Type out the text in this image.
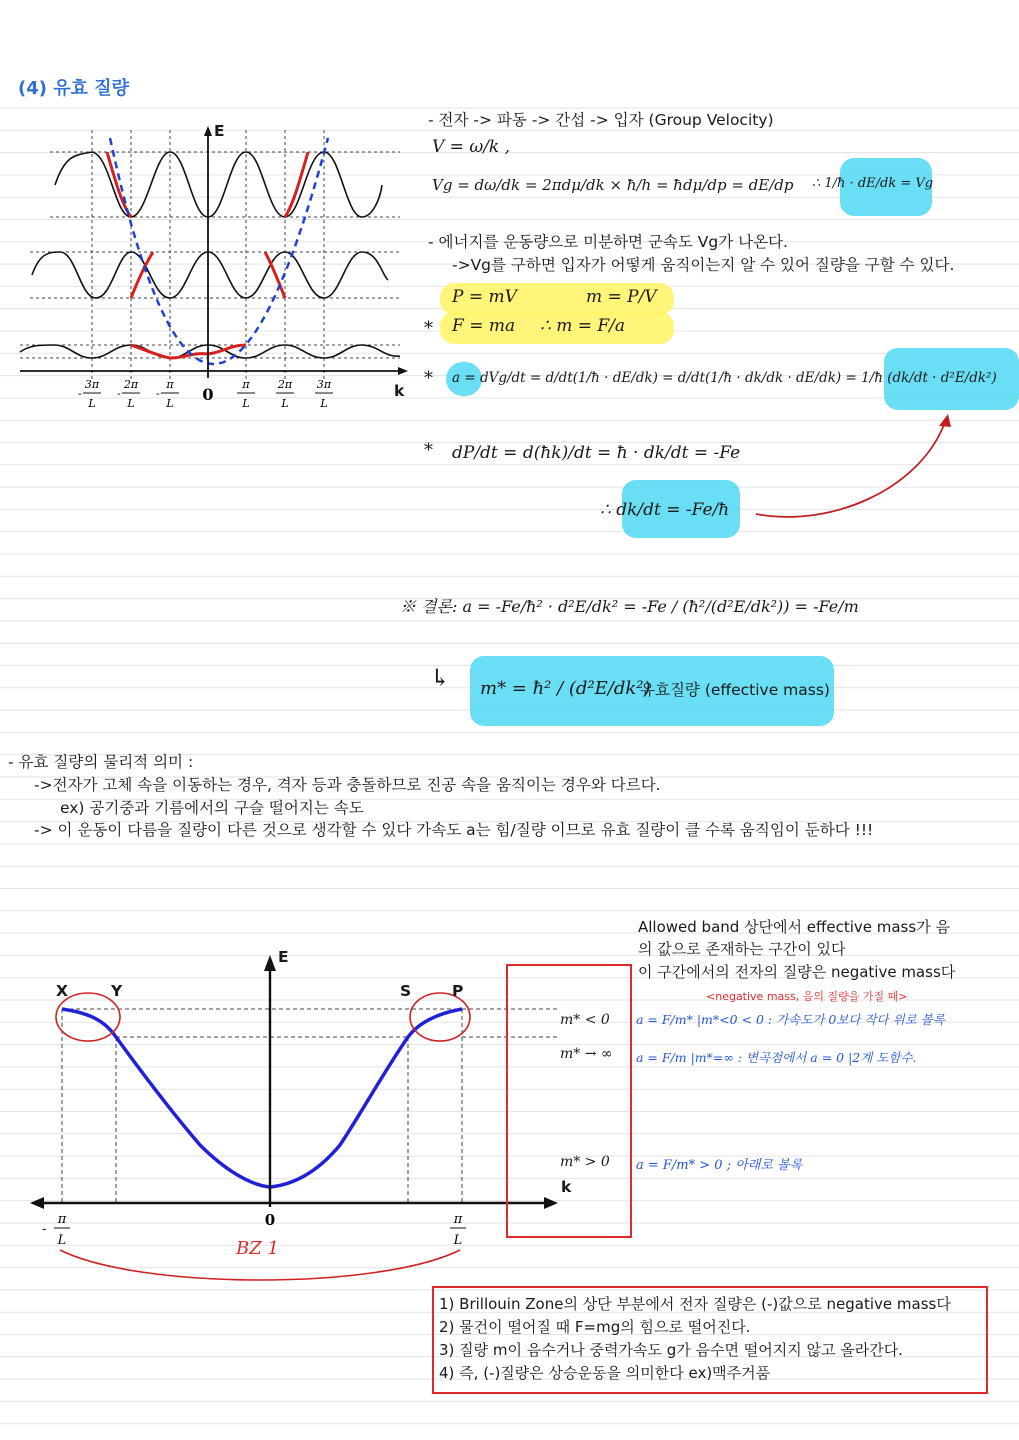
(4) 유효 질량
3π
L
-
2π
L
-
π
L
-	0
π
L
2π
L
3π
L
E
k
- 전자 -> 파동 -> 간섭 -> 입자 (Group Velocity)
V = ω/k ,
Vg = dω/dk = 2πdμ/dk × ħ/h = ħdμ/dp = dE/dp ∴ 1/ħ · dE/dk = Vg
- 에너지를 운동량으로 미분하면 군속도 Vg가 나온다.
->Vg를 구하면 입자가 어떻게 움직이는지 알 수 있어 질량을 구할 수 있다.
P = mV	m = P/V
* F = ma ∴ m = F/a
* a = dVg/dt = d/dt(1/ħ · dE/dk) = d/dt(1/ħ · dk/dk · dE/dk) = 1/ħ (dk/dt · d²E/dk²)
* dP/dt = d(ħk)/dt = ħ · dk/dt = -Fe
∴ dk/dt = -Fe/ħ
※ 결론: a = -Fe/ħ² · d²E/dk² = -Fe / (ħ²/(d²E/dk²)) = -Fe/m
↳ m* = ħ² / (d²E/dk²)
유효질량 (effective mass)
- 유효 질량의 물리적 의미 :
->전자가 고체 속을 이동하는 경우, 격자 등과 충돌하므로 진공 속을 움직이는 경우와 다르다.
ex) 공기중과 기름에서의 구슬 떨어지는 속도
-> 이 운동이 다름을 질량이 다른 것으로 생각할 수 있다 가속도 a는 힘/질량 이므로 유효 질량이 클 수록 움직임이 둔하다 !!!
π
L
-
π
L
0
E
k
X	Y	S	P
BZ 1
m* < 0
m* → ∞
m* > 0
Allowed band 상단에서 effective mass가 음
의 값으로 존재하는 구간이 있다
이 구간에서의 전자의 질량은 negative mass다
<negative mass, 음의 질량을 가질 때>
a = F/m* |m*<0 < 0 : 가속도가 0보다 작다 위로 볼록
a = F/m |m*=∞ : 변곡점에서 a = 0 |2계 도함수.
a = F/m* > 0 ; 아래로 볼록
1) Brillouin Zone의 상단 부분에서 전자 질량은 (-)값으로 negative mass다
2) 물건이 떨어질 때 F=mg의 힘으로 떨어진다.
3) 질량 m이 음수거나 중력가속도 g가 음수면 떨어지지 않고 올라간다.
4) 즉, (-)질량은 상승운동을 의미한다 ex)맥주거품
